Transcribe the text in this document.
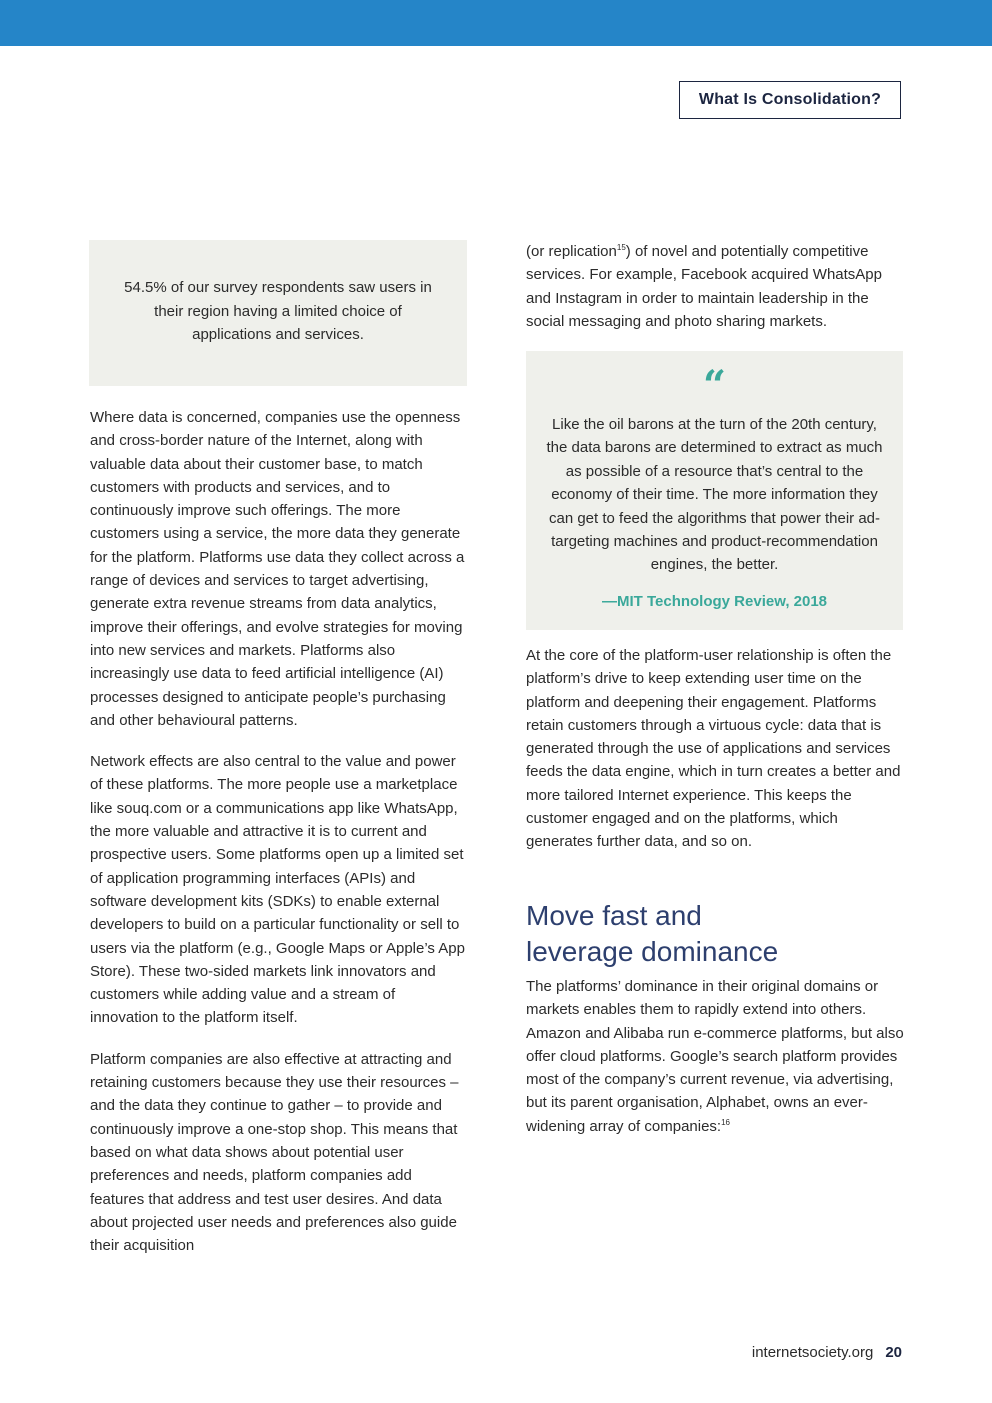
What Is Consolidation?
54.5% of our survey respondents saw users in their region having a limited choice of applications and services.

Where data is concerned, companies use the openness and cross-border nature of the Internet, along with valuable data about their customer base, to match customers with products and services, and to continuously improve such offerings. The more customers using a service, the more data they generate for the platform. Platforms use data they collect across a range of devices and services to target advertising, generate extra revenue streams from data analytics, improve their offerings, and evolve strategies for moving into new services and markets. Platforms also increasingly use data to feed artificial intelligence (AI) processes designed to anticipate people’s purchasing and other behavioural patterns.

Network effects are also central to the value and power of these platforms. The more people use a marketplace like souq.com or a communications app like WhatsApp, the more valuable and attractive it is to current and prospective users. Some platforms open up a limited set of application programming interfaces (APIs) and software development kits (SDKs) to enable external developers to build on a particular functionality or sell to users via the platform (e.g., Google Maps or Apple’s App Store). These two-sided markets link innovators and customers while adding value and a stream of innovation to the platform itself.

Platform companies are also effective at attracting and retaining customers because they use their resources – and the data they continue to gather – to provide and continuously improve a one-stop shop. This means that based on what data shows about potential user preferences and needs, platform companies add features that address and test user desires. And data about projected user needs and preferences also guide their acquisition

(or replication$^{15}$) of novel and potentially competitive services. For example, Facebook acquired WhatsApp and Instagram in order to maintain leadership in the social messaging and photo sharing markets.

“

Like the oil barons at the turn of the 20th century, the data barons are determined to extract as much as possible of a resource that’s central to the economy of their time. The more information they can get to feed the algorithms that power their ad-targeting machines and product-recommendation engines, the better.

—MIT Technology Review, 2018

At the core of the platform-user relationship is often the platform’s drive to keep extending user time on the platform and deepening their engagement. Platforms retain customers through a virtuous cycle: data that is generated through the use of applications and services feeds the data engine, which in turn creates a better and more tailored Internet experience. This keeps the customer engaged and on the platforms, which generates further data, and so on.

Move fast and
leverage dominance

The platforms’ dominance in their original domains or markets enables them to rapidly extend into others. Amazon and Alibaba run e-commerce platforms, but also offer cloud platforms. Google’s search platform provides most of the company’s current revenue, via advertising, but its parent organisation, Alphabet, owns an ever-widening array of companies:$^{16}$

internetsociety.org 20
